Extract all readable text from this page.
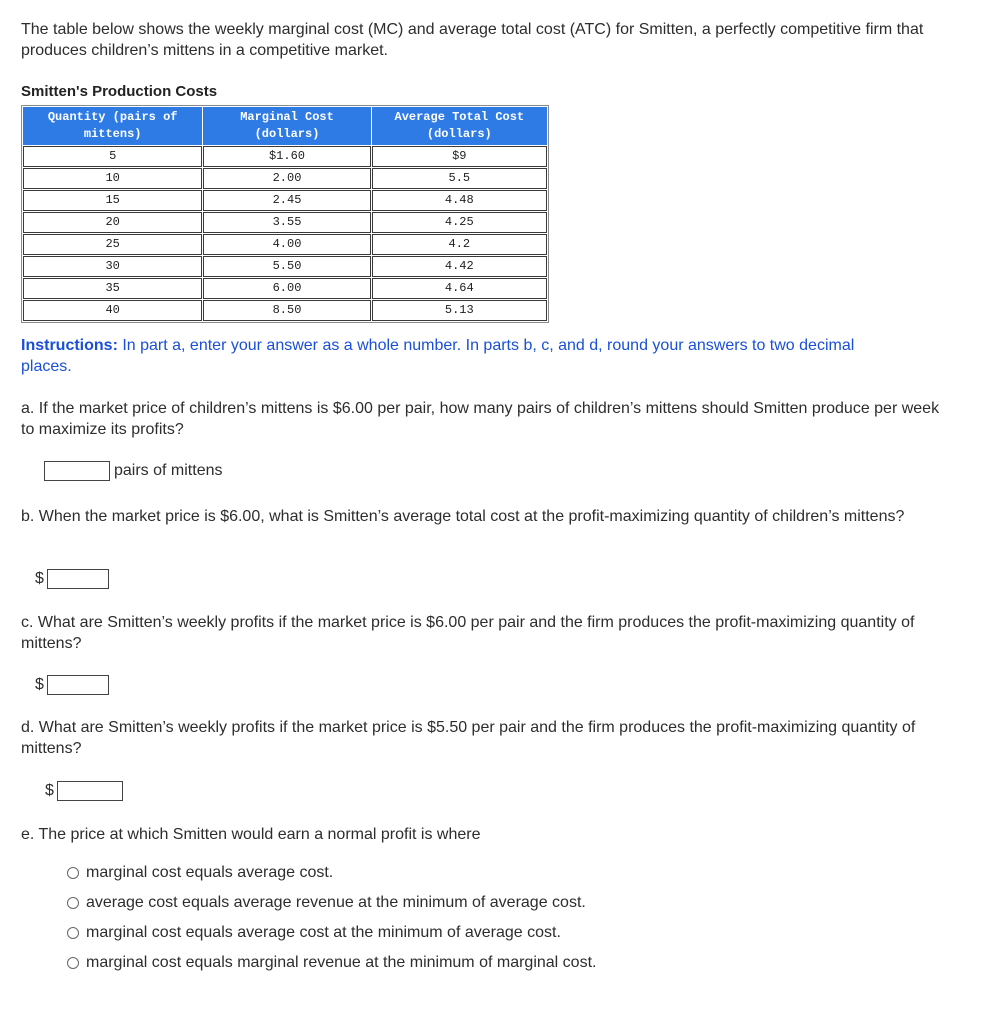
The table below shows the weekly marginal cost (MC) and average total cost (ATC) for Smitten, a perfectly competitive firm that produces children’s mittens in a competitive market.

Smitten's Production Costs
Quantity (pairs of mittens)	Marginal Cost (dollars)	Average Total Cost (dollars)
5	$1.60	$9
10	2.00	5.5
15	2.45	4.48
20	3.55	4.25
25	4.00	4.2
30	5.50	4.42
35	6.00	4.64
40	8.50	5.13

Instructions: In part a, enter your answer as a whole number. In parts b, c, and d, round your answers to two decimal places.

a. If the market price of children’s mittens is $6.00 per pair, how many pairs of children’s mittens should Smitten produce per week to maximize its profits?

pairs of mittens

b. When the market price is $6.00, what is Smitten’s average total cost at the profit-maximizing quantity of children’s mittens?

$

c. What are Smitten’s weekly profits if the market price is $6.00 per pair and the firm produces the profit-maximizing quantity of mittens?

$

d. What are Smitten’s weekly profits if the market price is $5.50 per pair and the firm produces the profit-maximizing quantity of mittens?

$

e. The price at which Smitten would earn a normal profit is where

marginal cost equals average cost.
average cost equals average revenue at the minimum of average cost.
marginal cost equals average cost at the minimum of average cost.
marginal cost equals marginal revenue at the minimum of marginal cost.
